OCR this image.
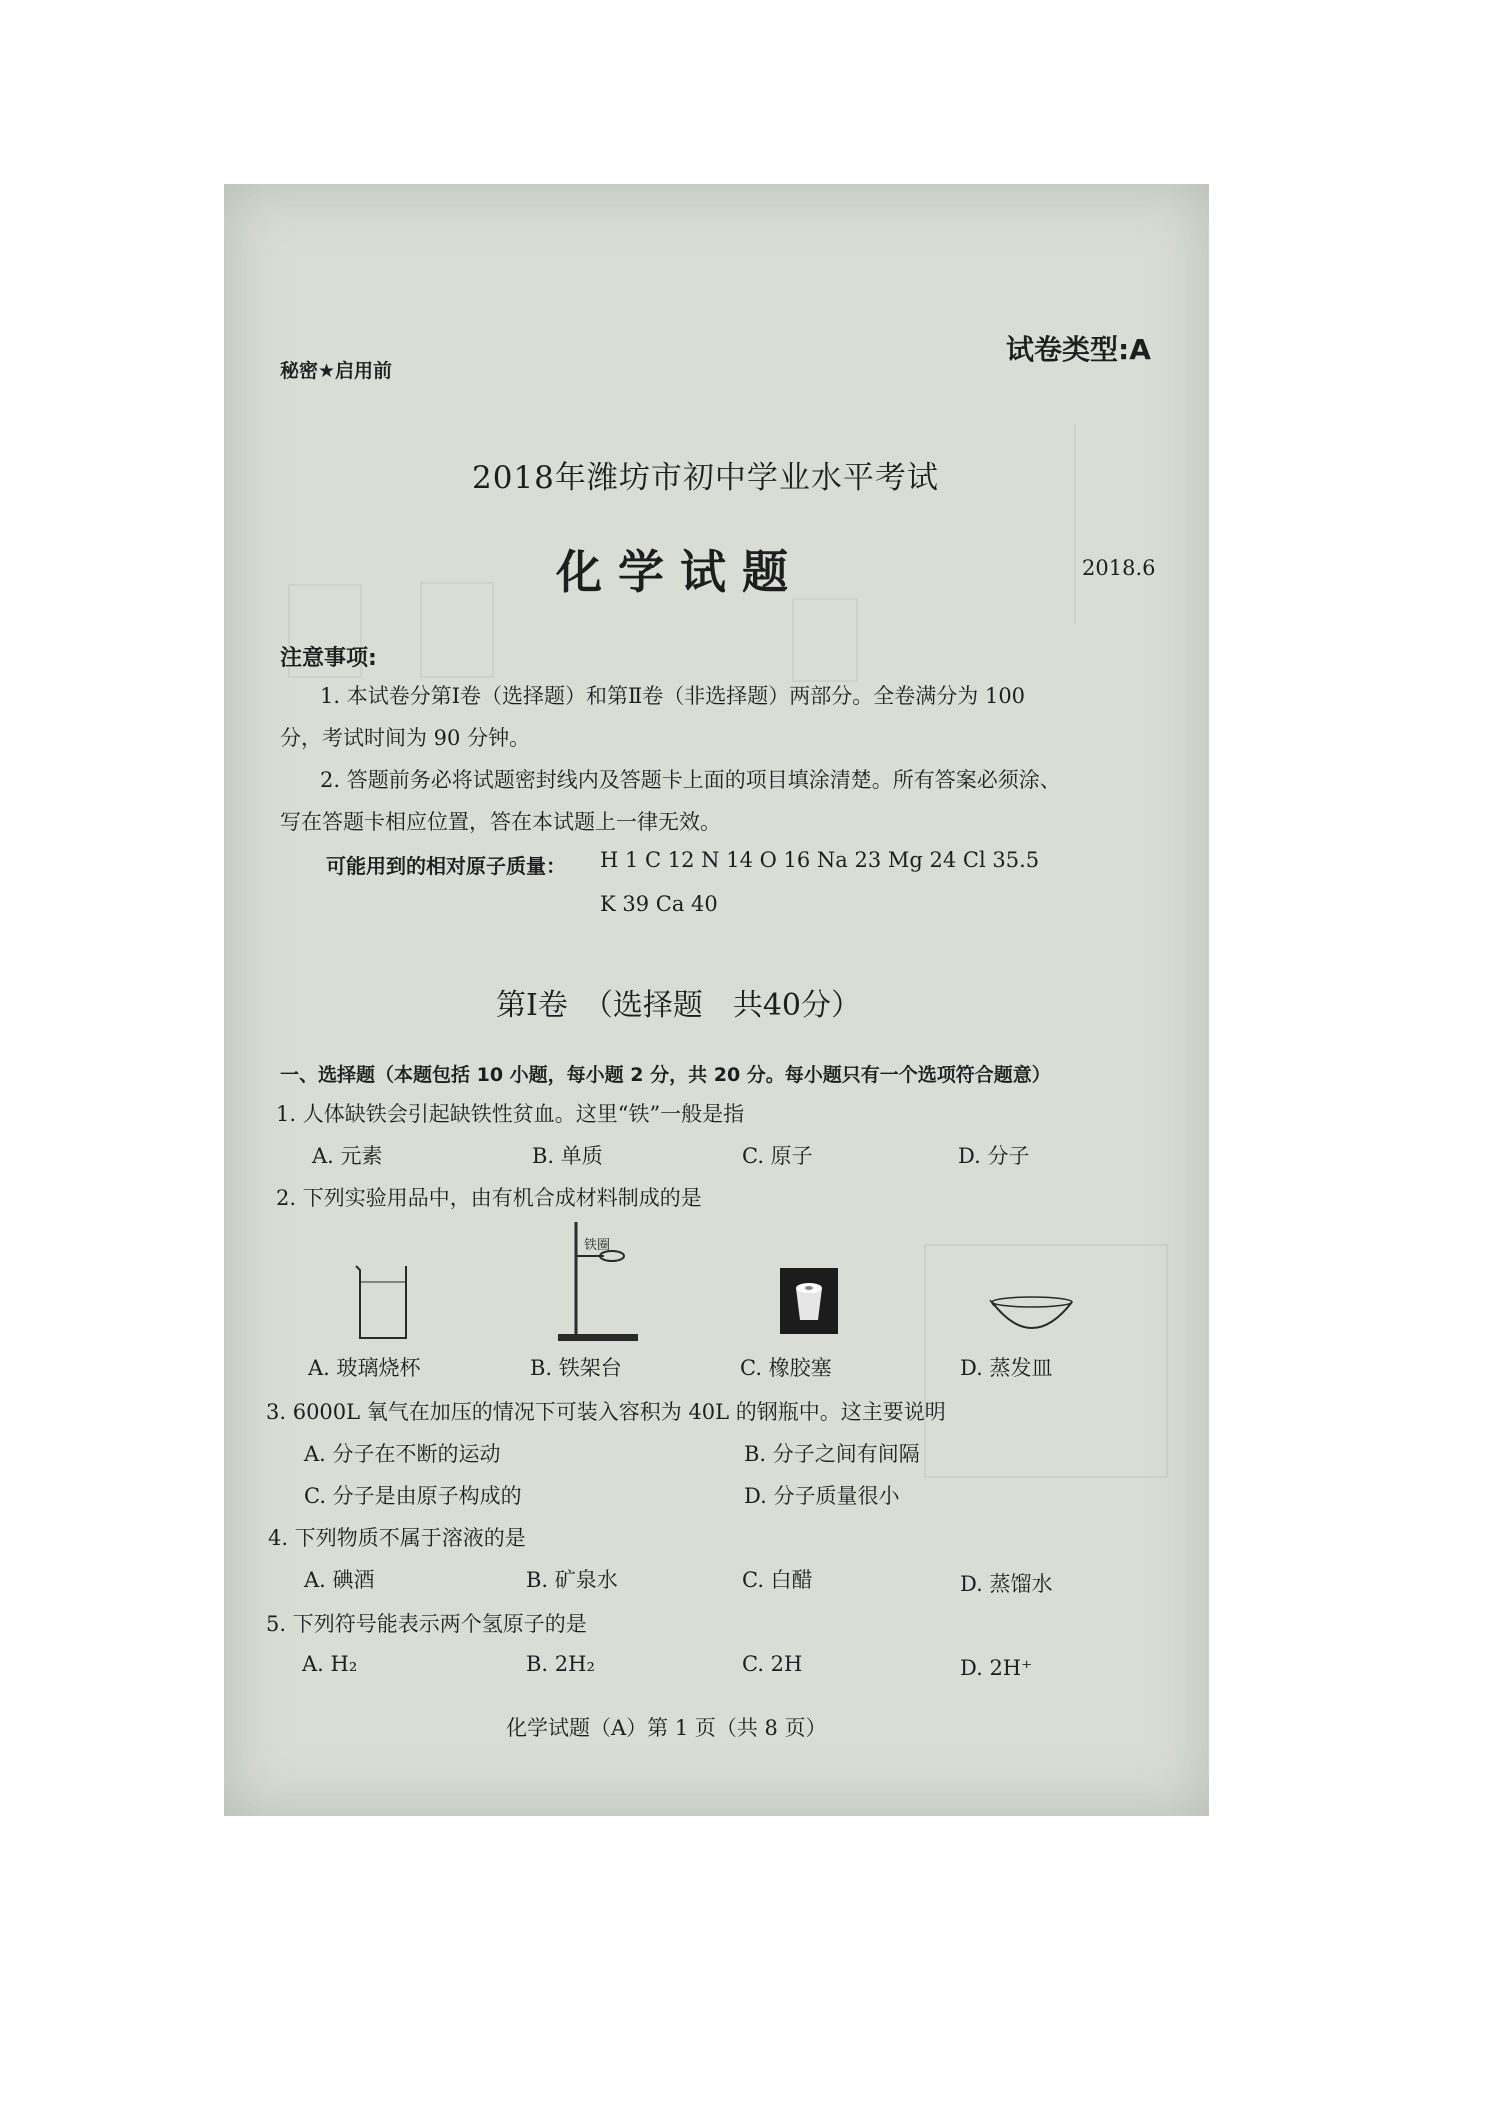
秘密★启用前
试卷类型:A
2018年潍坊市初中学业水平考试
化 学 试 题	2018.6
注意事项:
1. 本试卷分第Ⅰ卷（选择题）和第Ⅱ卷（非选择题）两部分。全卷满分为 100
分，考试时间为 90 分钟。
2. 答题前务必将试题密封线内及答题卡上面的项目填涂清楚。所有答案必须涂、
写在答题卡相应位置，答在本试题上一律无效。
可能用到的相对原子质量： H 1 C 12 N 14 O 16 Na 23 Mg 24 Cl 35.5
K 39 Ca 40
第Ⅰ卷　（选择题　共40分）
一、选择题（本题包括 10 小题，每小题 2 分，共 20 分。每小题只有一个选项符合题意）
1. 人体缺铁会引起缺铁性贫血。这里“铁”一般是指
A. 元素	B. 单质	C. 原子	D. 分子
2. 下列实验用品中，由有机合成材料制成的是
铁圈
A. 玻璃烧杯	B. 铁架台	C. 橡胶塞	D. 蒸发皿
3. 6000L 氧气在加压的情况下可装入容积为 40L 的钢瓶中。这主要说明
A. 分子在不断的运动	B. 分子之间有间隔
C. 分子是由原子构成的	D. 分子质量很小
4. 下列物质不属于溶液的是
A. 碘酒	B. 矿泉水	C. 白醋	D. 蒸馏水
5. 下列符号能表示两个氢原子的是
A. H₂	B. 2H₂	C. 2H	D. 2H⁺
化学试题（A）第 1 页（共 8 页）
